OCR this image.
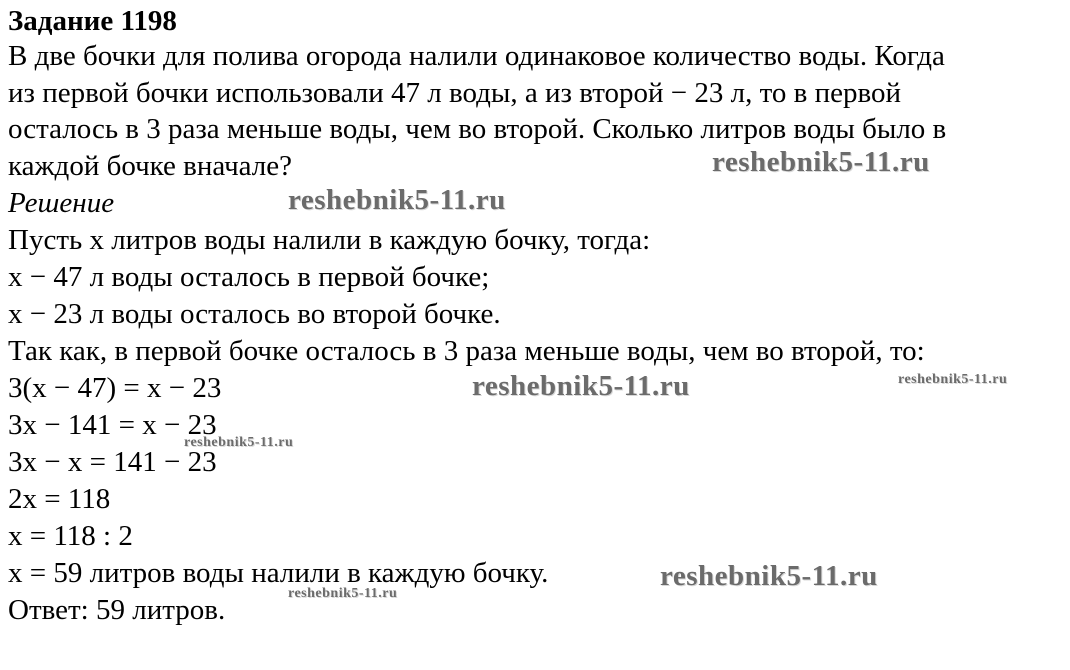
Задание 1198

В две бочки для полива огорода налили одинаковое количество воды. Когда

из первой бочки использовали 47 л воды, а из второй − 23 л, то в первой

осталось в 3 раза меньше воды, чем во второй. Сколько литров воды было в

каждой бочке вначале?

Решение

Пусть x литров воды налили в каждую бочку, тогда:

x − 47 л воды осталось в первой бочке;

x − 23 л воды осталось во второй бочке.

Так как, в первой бочке осталось в 3 раза меньше воды, чем во второй, то:

3(x − 47) = x − 23

3x − 141 = x − 23

3x − x = 141 − 23

2x = 118

x = 118 : 2

x = 59 литров воды налили в каждую бочку.

Ответ: 59 литров.

reshebnik5-11.ru
reshebnik5-11.ru
reshebnik5-11.ru	reshebnik5-11.ru
reshebnik5-11.ru
reshebnik5-11.ru
reshebnik5-11.ru
